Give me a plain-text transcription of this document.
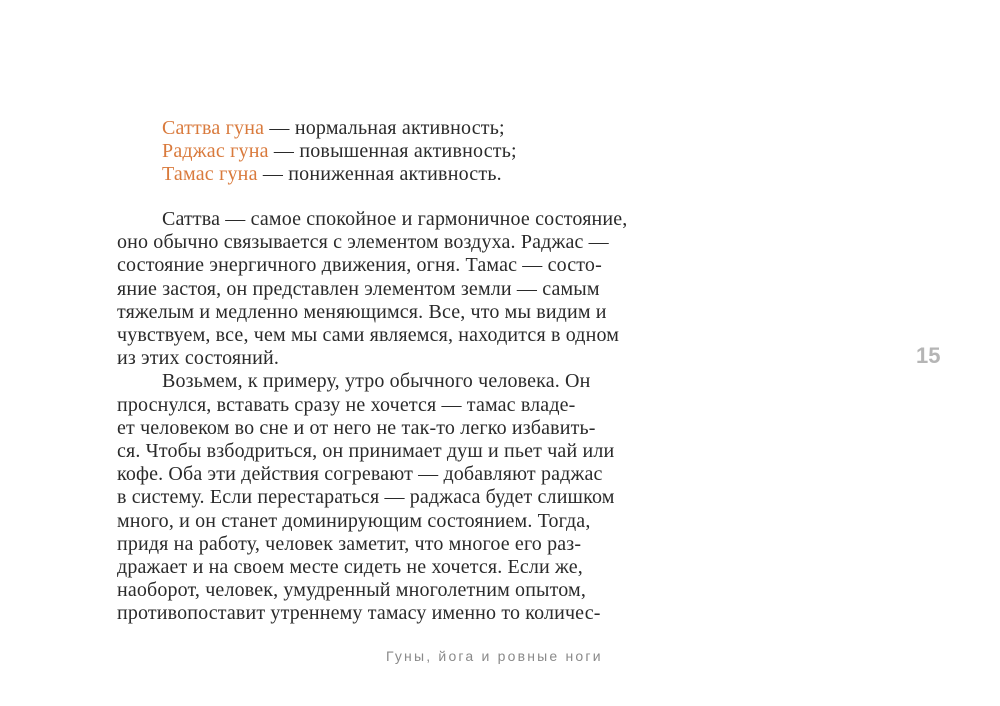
Саттва гуна — нормальная активность;
Раджас гуна — повышенная активность;
Тамас гуна — пониженная активность.
Саттва — самое спокойное и гармоничное состояние,
оно обычно связывается с элементом воздуха. Раджас —
состояние энергичного движения, огня. Тамас — состо-
яние застоя, он представлен элементом земли — самым
тяжелым и медленно меняющимся. Все, что мы видим и
чувствуем, все, чем мы сами являемся, находится в одном
из этих состояний.
Возьмем, к примеру, утро обычного человека. Он
проснулся, вставать сразу не хочется — тамас владе-
ет человеком во сне и от него не так-то легко избавить-
ся. Чтобы взбодриться, он принимает душ и пьет чай или
кофе. Оба эти действия согревают — добавляют раджас
в систему. Если перестараться — раджаса будет слишком
много, и он станет доминирующим состоянием. Тогда,
придя на работу, человек заметит, что многое его раз-
дражает и на своем месте сидеть не хочется. Если же,
наоборот, человек, умудренный многолетним опытом,
противопоставит утреннему тамасу именно то количес-
15
Гуны, йога и ровные ноги
